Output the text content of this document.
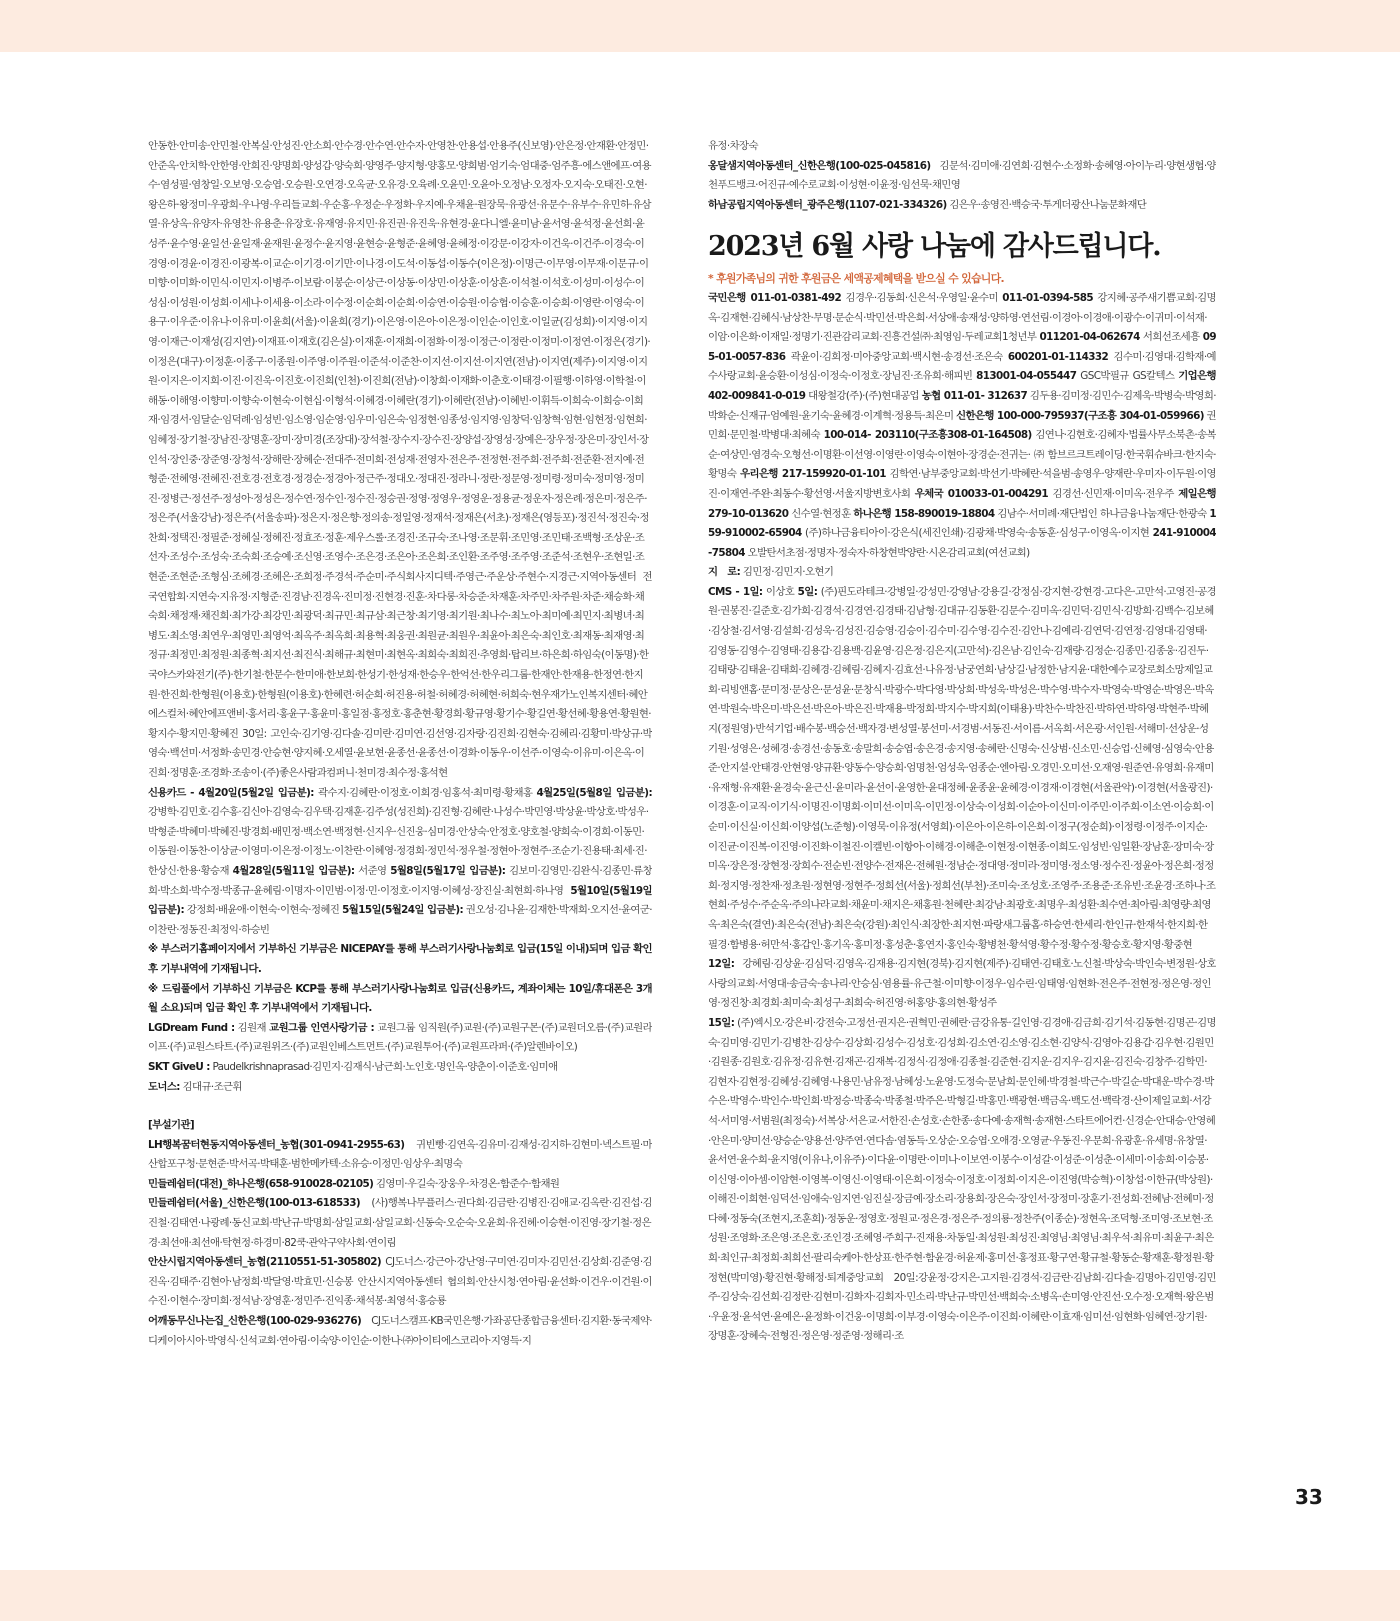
안동한·안미송·안민철·안복실·안성진·안소희·안수경·안수연·안수자·안영찬·안용섭·안용주(신보영)·안은정·안재환·안정민·안준옥·안치학·안한영·안희진·양명희·양성갑·양숙희·양영주·양지형·양홍모·양희범·엄기숙·엄대중·엄주흥·에스앤에프·여용수·염성필·염창일·오보영·오승엽·오승원·오연경·오옥균·오유경·오육례·오윤민·오윤아·오정남·오정자·오지숙·오태진·오현·왕은하·왕정미·우광희·우나영·우리들교회·우순홍·우정순·우정화·우지예·우채윤·원장묵·유광선·유문수·유부수·유민하·유삼열·유상옥·유양자·유영찬·유용춘·유장호·유재영·유지민·유진권·유진욱·유현경·윤다니엘·윤미남·윤서영·윤석정·윤선희·윤성주·윤수영·윤일선·윤일재·윤재원·윤정수·윤지영·윤현승·윤형준·윤혜영·윤혜정·이강문·이강자·이건욱·이건주·이경숙·이경영·이경윤·이경진·이광복·이교순·이기경·이기만·이나경·이도석·이동섭·이동수(이은정)·이명근·이무영·이무재·이문규·이미향·이미화·이민식·이민지·이병주·이보람·이봉순·이상근·이상동·이상민·이상훈·이상흔·이석철·이석호·이성미·이성수·이성심·이성원·이성희·이세나·이세용·이소라·이수정·이순희·이순희·이승연·이승원·이승협·이승훈·이승희·이영란·이영숙·이용구·이우준·이유나·이유미·이윤희(서울)·이윤희(경기)·이은영·이은아·이은정·이인순·이인호·이일균(김성희)·이지영·이지영·이재근·이재성(김지연)·이재표·이재호(김은실)·이재훈·이재희·이점화·이정·이정근·이정란·이정미·이정연·이정은(경기)·이정은(대구)·이정훈·이종구·이종원·이주영·이주원·이준석·이준찬·이지선·이지선·이지연(전남)·이지연(제주)·이지영·이지원·이지은·이지희·이진·이진욱·이진호·이진희(인천)·이진희(전남)·이창희·이재화·이춘호·이태경·이필행·이하영·이학철·이해동·이해영·이향미·이향숙·이현숙·이현십·이형석·이혜경·이혜란(경기)·이혜란(전남)·이혜빈·이휘득·이희숙·이희승·이희재·임경서·임달순·임덕례·임성빈·임소영·임순영·임우미·임은숙·임정현·임종성·임지영·임창덕·임창혁·임현·임현정·임현희·임혜정·장기철·장남진·장명훈·장미·장미경(조장대)·장석철·장수지·장수진·장양섭·장영성·장예은·장우정·장은미·장인서·장인석·장인중·장준영·장청석·장해란·장혜순·전대주·전미희·전성재·전영자·전은주·전정현·전주희·전주희·전준환·전지예·전형준·전혜영·전혜진·전호경·전호경·정경순·정경아·정근주·정대오·정대진·정라니·정란·정문영·정미령·정미숙·정미영·정미진·정병근·정선주·정성아·정성은·정수연·정수인·정수진·정승권·정영·정영우·정영운·정용균·정운자·정은례·정은미·정은주·정은주(서울강남)·정은주(서울송파)·정은지·정은향·정의송·정일영·정재석·정재은(서초)·정재은(영등포)·정진석·정진숙·정찬희·정택진·정필준·정혜실·정혜진·정효조·정훈·제우스롤·조경진·조규숙·조나영·조문휘·조민영·조민태·조백형·조상운·조선자·조성수·조성숙·조숙희·조승예·조신영·조영수·조은경·조은아·조은희·조인환·조주영·조주영·조준석·조현우·조현일·조현준·조현준·조형심·조혜경·조혜은·조희정·주경석·주순미·주식회사지디텍·주영근·주운상·주현수·지경근·지역아동센터 전국연합회·지연숙·지유정·지형준·진경남·진경옥·진미정·진현경·진훈·차다롱·차승준·차재훈·차주민·차주원·차준·채승화·채숙희·채정재·채진희·최가강·최강민·최광덕·최규민·최규삼·최근창·최기영·최기원·최나수·최노아·최미예·최민지·최병녀·최병도·최소영·최연우·최영민·최영억·최옥주·최옥희·최용혁·최웅권·최원균·최원우·최윤아·최은숙·최인호·최재동·최재영·최정규·최정민·최정원·최종혁·최지선·최진식·최해규·최현미·최현옥·최희숙·최희진·추영희·탑리브·하은희·하임숙(이동명)·한국야스카와전기(주)·한기철·한문수·한미애·한보희·한성기·한성재·한승우·한억선·한우리그룹·한재안·한재용·한정연·한지원·한진희·한형원(이용호)·한형원(이용호)·한혜련·허순희·허진용·허철·허혜경·허혜현·허희숙·현우재가노인복지센터·혜안에스컬처·혜안에프앤비·홍서리·홍윤구·홍윤미·홍일점·홍정호·홍춘현·황경희·황규영·황기수·황길연·황선혜·황용연·황원현·황지수·황지민·황혜진 30일: 고인숙·김기영·김다솔·김미란·김미연·김선영·김자랑·김진희·김현숙·김혜리·김황미·박상규·박영숙·백선미·서정화·송민경·안승현·양지혜·오세열·윤보현·윤종선·윤종선·이경화·이동우·이선주·이영숙·이유미·이은옥·이진희·정명훈·조경화·조송이·(주)좋은사람과컴퍼니·천미경·최수정·홍석현

신용카드 - 4월20일(5월2일 입금분): 곽수지·김혜란·이정호·이희경·임홍석·최미령·황채홍 4월25일(5월8일 입금분): 강병학·김민호·김수홍·김신아·김영숙·김우택·김재훈·김주성(성진희)·김진형·김혜란·나성수·박민영·박상윤·박상호·박성우·박형준·박혜미·박혜진·방경희·배민정·백소연·백정현·신지우·신진웅·심미경·안상숙·안정호·양호철·양희숙·이경희·이동민·이동원·이동찬·이상균·이영미·이은정·이정노·이찬란·이혜영·정경희·정민석·정우철·정현아·정현주·조순기·진용태·최세·진·한상신·한용·황승재 4월28일(5월11일 입금분): 서준영 5월8일(5월17일 입금분): 김보미·김영민·김완식·김종민·류창희·박소희·박수정·박종규·윤혜림·이명자·이민범·이정·민·이정호·이지영·이혜성·장진실·최현희·하나영 5월10일(5월19일 입금분): 강정희·배윤애·이현숙·이현숙·정혜진 5월15일(5월24일 입금분): 권오성·김나윤·김재한·박재희·오지선·윤여군·이찬란·정동진·최정익·하승빈

※ 부스러기홈페이지에서 기부하신 기부금은 NICEPAY를 통해 부스러기사랑나눔회로 입금(15일 이내)되며 입금 확인 후 기부내역에 기재됩니다.

※ 드림풀에서 기부하신 기부금은 KCP를 통해 부스러기사랑나눔회로 입금(신용카드, 계좌이체는 10일/휴대폰은 3개월 소요)되며 입금 확인 후 기부내역에서 기재됩니다.

LGDream Fund : 김원재 교원그룹 인연사랑기금 : 교원그룹 임직원(주)교원·(주)교원구몬·(주)교원더오름·(주)교원라이프·(주)교원스타트·(주)교원위즈·(주)교원인베스트먼트·(주)교원투어·(주)교원프라퍼·(주)알렌바이오)

SKT GiveU : Paudelkrishnaprasad·김민지·김재식·남근희·노인호·명인옥·양춘이·이준호·임미애

도너스: 김대규·조근휘

[부설기관]

LH행복꿈터현동지역아동센터_농협(301-0941-2955-63) 귀빈빵·김연옥·김유미·김재성·김지하·김현미·넥스트필·마산합포구청·문현준·박서곡·박태훈·범한메카텍·소유승·이정민·임상우·최명숙

민들레쉼터(대전)_하나은행(658-910028-02105) 김영미·우길숙·장웅우·차경온·함준수·함채원

민들레쉼터(서울)_신한은행(100-013-618533) (사)행복나무플러스·권다희·김금란·김병진·김애교·김옥란·김진섭·김진철·김태연·나광례·동신교회·박난규·박명희·삼일교회·삼일교회·신동숙·오순숙·오윤희·유진혜·이승현·이진영·장기철·정은경·최선애·최선애·탁현정·하경미·82쿡·관악구약사회·연이림

안산시립지역아동센터_농협(2110551-51-305802) CJ도너스·강근아·강난영·구미연·김미자·김민선·김상희·김준영·김진옥·김태주·김현아·남정희·박달영·박효민·신승봉 안산시지역아동센터 협의회·안산시청·연아림·윤선화·이건우·이건원·이수진·이현수·장미희·정석남·장영훈·정민주·진익종·채석봉·최영석·홍승룡

어깨동무신나는집_신한은행(100-029-936276) CJ도너스캠프·KB국민은행·가좌공단종합금융센터·김지환·동국제약·디케이아시아·박영식·신석교회·연아림·이숙양·이인순·이한나·㈜아이티에스코리아·지영득·지

유정·차장숙

옹달샘지역아동센터_신한은행(100-025-045816) 김문석·김미애·김연희·김현수·소정화·송혜영·아이누리·양현생협·양천푸드뱅크·어진규·예수로교회·이성현·이윤정·임선묵·채민영

하남공립지역아동센터_광주은행(1107-021-334326) 김은우·송영진·백승국·투게더광산나눔문화재단

2023년 6월 사랑 나눔에 감사드립니다.

* 후원가족님의 귀한 후원금은 세액공제혜택을 받으실 수 있습니다.

국민은행 011-01-0381-492 김경우·김동희·신은석·우영일·윤수미 011-01-0394-585 강지혜·공주새기쁨교회·김명옥·김재현·김혜식·남상찬·무명·문순식·박민선·박은희·서상애·송재성·양하영·연선림·이경아·이경애·이광수·이귀미·이석재·이암·이은화·이재일·정명기·진관감리교회·진흥건설㈜·최영임·두레교회1청년부 011201-04-062674 서희선조세흥 095-01-0057-836 곽윤이·김희정·미아중앙교회·백시현·송경선·조은숙 600201-01-114332 김수미·김영대·김학재·예수사랑교회·윤승환·이성심·이정숙·이정호·장님진·조유희·해피빈 813001-04-055447 GSC박필규 GS칼텍스 기업은행 402-009841-0-019 대왕철강(주)·(주)현대공업 농협 011-01- 312637 김두용·김미정·김민수·김제욱·박병숙·박영희·박화순·신재규·엄예원·윤기숙·윤혜경·이계혁·정용득·최은미 신한은행 100-000-795937(구조흥 304-01-059966) 권민희·문민철·박병대·최혜숙 100-014- 203110(구조흥308-01-164508) 김연나·김현호·김혜자·법률사무소북촌·송복순·여상민·염경숙·오형선·이명환·이선영·이영란·이영숙·이현아·장경순·전귀는·㈜함브르크트레이딩·한국휘슈바크·한지숙·황명숙 우리은행 217-159920-01-101 김학연·남부중앙교회·박선기·박혜란·석을범·송영우·양재란·우미자·이두원·이영진·이재연·주완·최동수·황선영·서울지방변호사회 우체국 010033-01-004291 김경선·신민재·이미옥·전우주 제일은행 279-10-013620 신수열·현정훈 하나은행 158-890019-18804 김남수·서미례·재단법인 하나금융나눔재단·한광숙 159-910002-65904 (주)하나금융티아이·강은식(세진인쇄)·김광채·박영숙·송동훈·심성구·이영옥·이지현 241-910004-75804 오발탄서초점·정명자·정숙자·하창현박양란·시온감리교회(여선교회)

지　로: 김민정·김민지·오현기

CMS - 1일: 이상호 5일: (주)핀도라테크·강병일·강성민·강영남·강용길·강정심·강지현·강현경·고다은·고만석·고영진·공경원·권봉진·길준호·김가희·김경석·김경연·김경태·김남형·김대규·김동환·김문수·김미옥·김민덕·김민식·김방희·김백수·김보혜·김상철·김서영·김설희·김성욱·김성진·김승영·김승이·김수미·김수영·김수진·김안나·김예리·김연덕·김연정·김영대·김영태·김영동·김영수·김영태·김용갑·김용백·김윤영·김은정·김은지(고만석)·김은남·김인숙·김재량·김정순·김종민·김종웅·김진두·김태량·김태윤·김태희·김혜경·김혜림·김혜지·김효선·나유정·남궁연희·남상길·남정한·남지윤·대한예수교장로회소망제일교회·리빙앤홈·문미정·문상은·문성윤·문창식·박광수·박다영·박상희·박성욱·박성은·박수영·박수자·박영숙·박영순·박영은·박옥연·박원숙·박은미·박은선·박은아·박은진·박재용·박정희·박지수·박지희(이태용)·박찬수·박찬진·박하연·박하영·박현주·박혜지(정원영)·반석기업·배수봉·백승선·백자경·변성열·봉선미·서경범·서동진·서이름·서옥희·서은광·서인원·서해미·선상운·성기원·성영은·성혜경·송경선·송동호·송말희·송승엽·송은경·송지영·송혜란·신명숙·신상범·신소민·신승업·신혜영·심영숙·안용준·안지설·안태경·안현영·양규환·양동수·양승희·엄명천·엄성욱·엄종순·엔아림·오경민·오미선·오재영·원준연·유영희·유재미·유재형·유재환·윤경숙·윤근신·윤미라·윤선이·윤영한·윤대정혜·윤종윤·윤혜경·이경재·이경현(서울관악)·이경현(서울광진)·이경훈·이교직·이기식·이명진·이명희·이미선·이미옥·이민정·이상숙·이성희·이순아·이신미·이주민·이주희·이소연·이승희·이순미·이신실·이신희·이양섭(노준형)·이영묵·이유정(서영희)·이은아·이은하·이은희·이정구(정순희)·이정령·이정주·이지순·이진균·이진복·이진영·이진화·이철진·이켈빈·이항아·이해경·이해춘·이현정·이현종·이희도·임성빈·임일환·장남훈·장미숙·장미옥·장은정·장현정·장희수·전순빈·전양수·전재은·전혜원·정남순·정대영·정미라·정미영·정소영·정수진·정윤아·정은희·정정희·정지영·정찬재·정초원·정현영·정현주·정희선(서울)·정희선(부천)·조미숙·조성호·조영주·조용준·조유빈·조윤경·조하나·조현희·주성수·주순옥·주의나라교회·채윤미·채지은·채홍원·천혜란·최강남·최광호·최명우·최성환·최수연·최아림·최영량·최영옥·최은숙(결연)·최은숙(전남)·최은숙(강원)·최인식·최장한·최지현·파랑새그룹홈·하승연·한세리·한인규·한재석·한지희·한필경·함병용·허만석·홍갑인·홍기옥·홍미정·홍성춘·홍연지·홍인숙·황병천·황석영·황수정·황수정·황승호·황지영·황중현

12일: 강혜림·김상윤·김심덕·김영옥·김재용·김지현(경북)·김지현(제주)·김태연·김태호·노신철·박상숙·박인숙·변정원·상호사랑의교회·서영대·송금숙·송나리·안승심·염용률·유근철·이미향·이정우·임수린·임태영·임현화·전은주·전현정·정은영·정인영·정진창·최경희·최미숙·최성구·최희숙·허진영·허홍양·홍의현·황성주

15일: (주)엑시오·강은비·강전숙·고정선·권지은·권혁민·권혜란·금강유통·길인영·김경애·김금희·김기석·김동현·김명곤·김명숙·김미영·김민기·김병찬·김상수·김상희·김성수·김성호·김성희·김소연·김소영·김소현·김양식·김영아·김용갑·김우현·김원민·김원종·김원호·김유정·김유현·김재곤·김재복·김정식·김정애·김종철·김준현·김지운·김지우·김지윤·김진숙·김창주·김학민·김현자·김현정·김혜성·김혜영·나용민·남유정·남혜성·노윤영·도정숙·문남희·문인혜·박경철·박근수·박길순·박대운·박수경·박수은·박영수·박인수·박인희·박정승·박종숙·박종철·박주은·박형길·박홍민·백광현·백금옥·백도선·백락경·산이제일교회·서강석·서미영·서범원(최정숙)·서복상·서은교·서한진·손성호·손한종·송다예·송재혁·송재현·스타트에어컨·신경순·안대승·안영혜·안은미·양미선·양승순·양용선·양주연·연다솜·염동득·오상순·오승엽·오애경·오영균·우동진·우문희·유광훈·유세명·유창열·윤서연·윤수희·윤지영(이유나,이유주)·이다윤·이명란·이미나·이보연·이봉수·이성갈·이성준·이성춘·이세미·이송희·이승봉·이신영·이아셈·이암현·이영복·이영신·이영태·이은희·이정숙·이정호·이정희·이지은·이진영(박승혁)·이창섭·이한규(박상원)·이해진·이희현·임덕선·임애숙·임지연·임진실·장금예·장소리·장용희·장은숙·장인서·장정미·장훈기·전성희·전혜남·전혜미·정다혜·정동숙(조현지,조훈희)·정동운·정영호·정원교·정은경·정은주·정의룡·정찬주(이종순)·정현옥·조덕형·조미영·조보현·조성원·조영화·조은영·조은호·조인경·조혜영·주희구·진재용·차동일·최성원·최성진·최영님·최영님·최우석·최유미·최윤구·최은희·최인규·최정희·최희선·팔리숙케아·한상표·한주현·함윤경·허윤제·홍미선·홍정표·황구연·황규철·황동순·황재훈·황정원·황정현(박미영)·황진현·황해정·퇴계중앙교회 20일:강윤정·강지은·고지원·김경석·김금란·김남희·김다솔·김명아·김민영·김민주·김상숙·김선희·김정란·김현미·김화자·김회자·민소리·박난규·박민선·백희숙·소병옥·손미영·안진선·오수정·오재혁·왕은범·우윤정·윤석연·윤예은·윤정화·이건웅·이명희·이부경·이영숙·이은주·이진희·이혜란·이효재·임미선·임현화·임혜연·장기원·장명훈·장혜숙·전형진·정은영·정준영·정해리·조

33
